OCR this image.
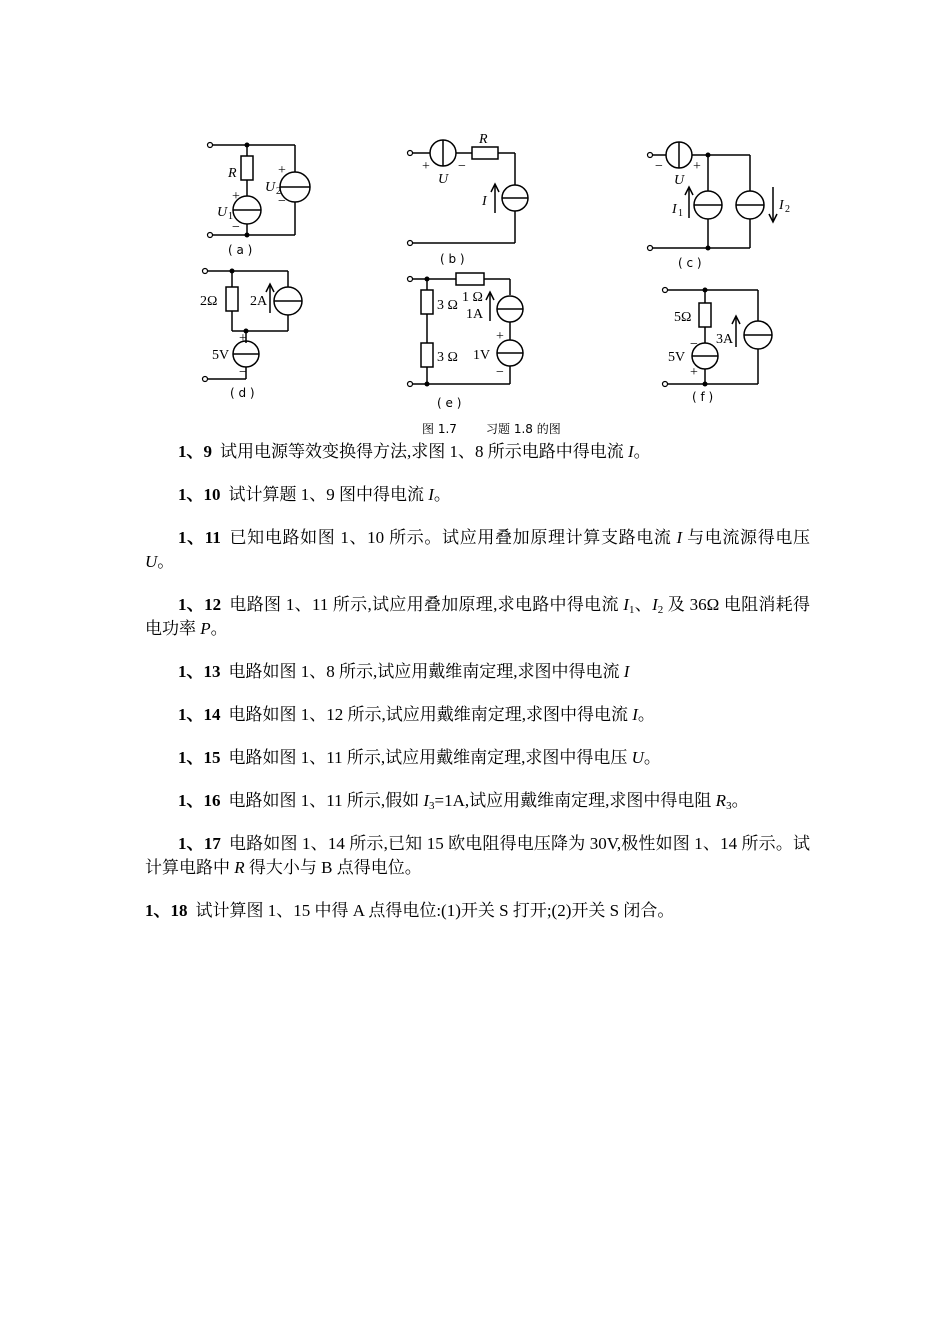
R
+
−
U 1
+
−
U 2
( a )
+ −
U
R
I
( b )
− +
U
I 1
I 2
( c )
2Ω 2A
+
5V
−
( d )
1 Ω
3 Ω
3 Ω
1A
+
1V
−
( e )
5Ω
−
5V
+
3A
( f )
图 1.7 习题 1.8 的图

1、9 试用电源等效变换得方法,求图 1、8 所示电路中得电流 I。

1、10 试计算题 1、9 图中得电流 I。

1、11 已知电路如图 1、10 所示。试应用叠加原理计算支路电流 I 与电流源得电压 U。

1、12 电路图 1、11 所示,试应用叠加原理,求电路中得电流 $I_1$、$I_2$ 及 36Ω 电阻消耗得电功率 P。

1、13 电路如图 1、8 所示,试应用戴维南定理,求图中得电流 I

1、14 电路如图 1、12 所示,试应用戴维南定理,求图中得电流 I。

1、15 电路如图 1、11 所示,试应用戴维南定理,求图中得电压 U。

1、16 电路如图 1、11 所示,假如 $I_3=1A$,试应用戴维南定理,求图中得电阻 $R_3$。

1、17 电路如图 1、14 所示,已知 15 欧电阻得电压降为 30V,极性如图 1、14 所示。试计算电路中 R 得大小与 B 点得电位。

1、18 试计算图 1、15 中得 A 点得电位:(1)开关 S 打开;(2)开关 S 闭合。
